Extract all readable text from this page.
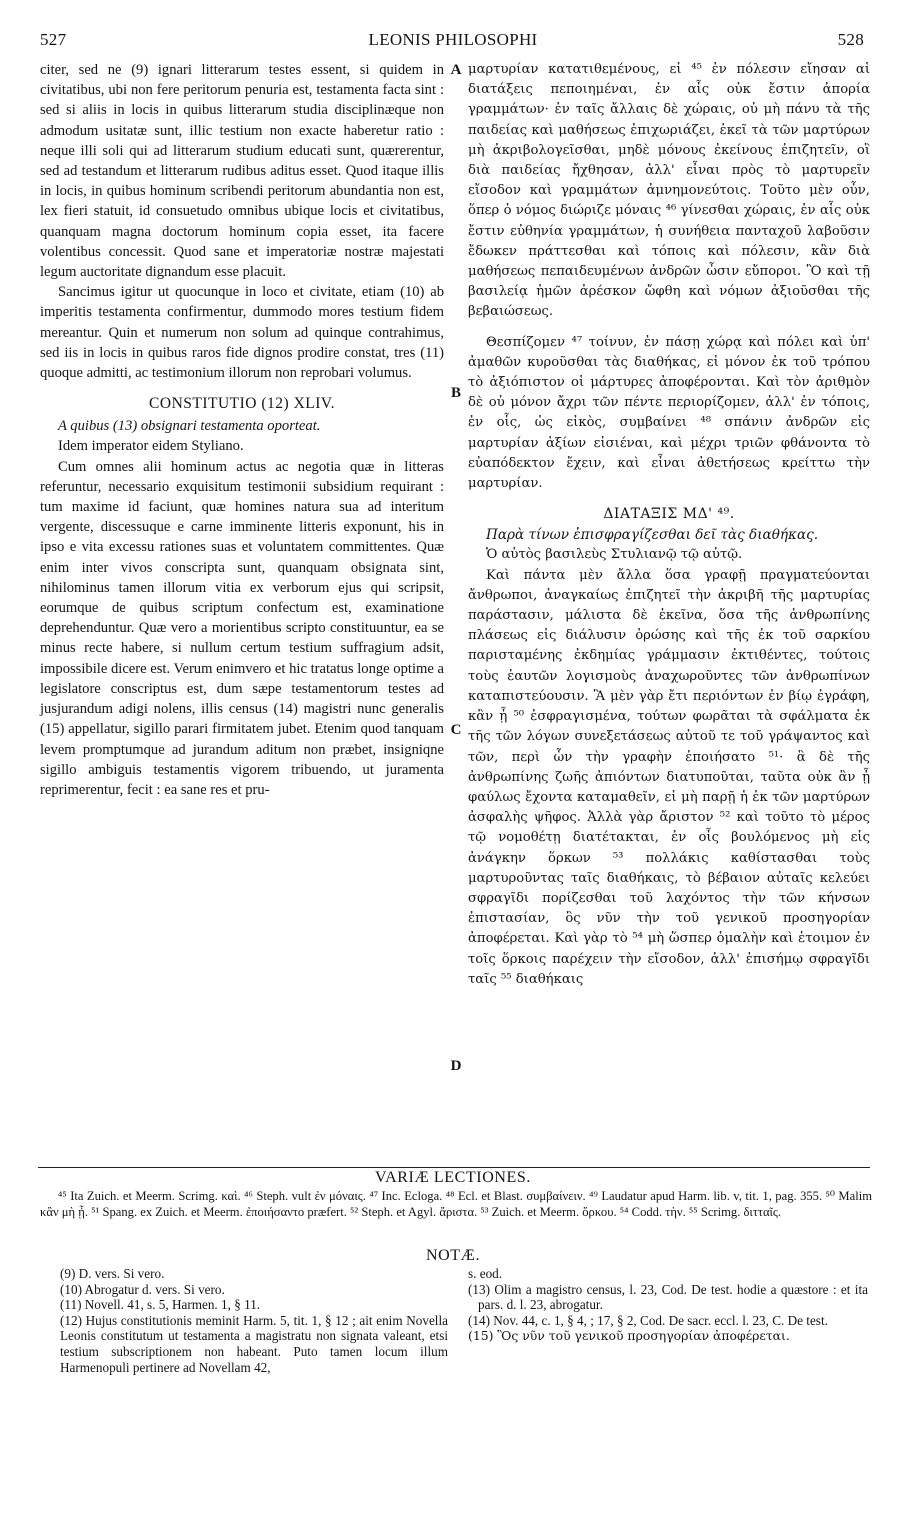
527	LEONIS PHILOSOPHI	528

citer, sed ne (9) ignari litterarum testes essent, si quidem in civitatibus, ubi non fere peritorum penuria est, testamenta facta sint : sed si aliis in locis in quibus litterarum studia disciplinæque non admodum usitatæ sunt, illic testium non exacte haberetur ratio : neque illi soli qui ad litterarum studium educati sunt, quærerentur, sed ad testandum et litterarum rudibus aditus esset. Quod itaque illis in locis, in quibus hominum scribendi peritorum abundantia non est, lex fieri statuit, id consuetudo omnibus ubique locis et civitatibus, quanquam magna doctorum hominum copia esset, ita facere volentibus concessit. Quod sane et imperatoriæ nostræ majestati legum auctoritate dignandum esse placuit.

Sancimus igitur ut quocunque in loco et civitate, etiam (10) ab imperitis testamenta confirmentur, dummodo mores testium fidem mereantur. Quin et numerum non solum ad quinque contrahimus, sed iis in locis in quibus raros fide dignos prodire constat, tres (11) quoque admitti, ac testimonium illorum non reprobari volumus.

CONSTITUTIO (12) XLIV.

A quibus (13) obsignari testamenta oporteat.

Idem imperator eidem Styliano.

Cum omnes alii hominum actus ac negotia quæ in litteras referuntur, necessario exquisitum testimonii subsidium requirant : tum maxime id faciunt, quæ homines natura sua ad interitum vergente, discessuque e carne imminente litteris exponunt, his in ipso e vita excessu rationes suas et voluntatem committentes. Quæ enim inter vivos conscripta sunt, quanquam obsignata sint, nihilominus tamen illorum vitia ex verborum ejus qui scripsit, eorumque de quibus scriptum confectum est, examinatione deprehenduntur. Quæ vero a morientibus scripto constituuntur, ea se minus recte habere, si nullum certum testium suffragium adsit, impossibile dicere est. Verum enimvero et hic tratatus longe optime a legislatore conscriptus est, dum sæpe testamentorum testes ad jusjurandum adigi nolens, illis census (14) magistri nunc generalis (15) appellatur, sigillo parari firmitatem jubet. Etenim quod tanquam levem promptumque ad jurandum aditum non præbet, insigniqne sigillo ambiguis testamentis vigorem tribuendo, ut juramenta reprimerentur, fecit : ea sane res et pru-

A
B
C
D

μαρτυρίαν κατατιθεμένους, εἰ ⁴⁵ ἐν πόλεσιν εἴησαν αἱ διατάξεις πεποιημέναι, ἐν αἷς οὐκ ἔστιν ἀπορία γραμμάτων· ἐν ταῖς ἄλλαις δὲ χώραις, οὐ μὴ πάνυ τὰ τῆς παιδείας καὶ μαθήσεως ἐπιχωριάζει, ἐκεῖ τὰ τῶν μαρτύρων μὴ ἀκριβολογεῖσθαι, μηδὲ μόνους ἐκείνους ἐπιζητεῖν, οἳ διὰ παιδείας ἤχθησαν, ἀλλ' εἶναι πρὸς τὸ μαρτυρεῖν εἴσοδον καὶ γραμμάτων ἀμνημονεύτοις. Τοῦτο μὲν οὖν, ὅπερ ὁ νόμος διώριζε μόναις ⁴⁶ γίνεσθαι χώραις, ἐν αἷς οὐκ ἔστιν εὐθηνία γραμμάτων, ἡ συνήθεια πανταχοῦ λαβοῦσιν ἔδωκεν πράττεσθαι καὶ τόποις καὶ πόλεσιν, κἂν διὰ μαθήσεως πεπαιδευμένων ἀνδρῶν ὦσιν εὔποροι. Ὃ καὶ τῇ βασιλείᾳ ἡμῶν ἀρέσκον ὤφθη καὶ νόμων ἀξιοῦσθαι τῆς βεβαιώσεως.

Θεσπίζομεν ⁴⁷ τοίνυν, ἐν πάσῃ χώρᾳ καὶ πόλει καὶ ὑπ' ἀμαθῶν κυροῦσθαι τὰς διαθήκας, εἰ μόνον ἐκ τοῦ τρόπου τὸ ἀξιόπιστον οἱ μάρτυρες ἀποφέρονται. Καὶ τὸν ἀριθμὸν δὲ οὐ μόνον ἄχρι τῶν πέντε περιορίζομεν, ἀλλ' ἐν τόποις, ἐν οἷς, ὡς εἰκὸς, συμβαίνει ⁴⁸ σπάνιν ἀνδρῶν εἰς μαρτυρίαν ἀξίων εἰσιέναι, καὶ μέχρι τριῶν φθάνοντα τὸ εὐαπόδεκτον ἔχειν, καὶ εἶναι ἀθετήσεως κρείττω τὴν μαρτυρίαν.

ΔΙΑΤΑΞΙΣ ΜΔ' ⁴⁹.

Παρὰ τίνων ἐπισφραγίζεσθαι δεῖ τὰς διαθήκας.

Ὁ αὐτὸς βασιλεὺς Στυλιανῷ τῷ αὐτῷ.

Καὶ πάντα μὲν ἄλλα ὅσα γραφῇ πραγματεύονται ἄνθρωποι, ἀναγκαίως ἐπιζητεῖ τὴν ἀκριβῆ τῆς μαρτυρίας παράστασιν, μάλιστα δὲ ἐκεῖνα, ὅσα τῆς ἀνθρωπίνης πλάσεως εἰς διάλυσιν ὁρώσης καὶ τῆς ἐκ τοῦ σαρκίου παρισταμένης ἐκδημίας γράμμασιν ἐκτιθέντες, τούτοις τοὺς ἑαυτῶν λογισμοὺς ἀναχωροῦντες τῶν ἀνθρωπίνων καταπιστεύουσιν. Ἃ μὲν γὰρ ἔτι περιόντων ἐν βίῳ ἐγράφη, κἂν ᾖ ⁵⁰ ἐσφραγισμένα, τούτων φωρᾶται τὰ σφάλματα ἐκ τῆς τῶν λόγων συνεξετάσεως αὐτοῦ τε τοῦ γράψαντος καὶ τῶν, περὶ ὧν τὴν γραφὴν ἐποιήσατο ⁵¹· ἃ δὲ τῆς ἀνθρωπίνης ζωῆς ἀπιόντων διατυποῦται, ταῦτα οὐκ ἂν ᾖ φαύλως ἔχοντα καταμαθεῖν, εἰ μὴ παρῇ ἡ ἐκ τῶν μαρτύρων ἀσφαλὴς ψῆφος. Ἀλλὰ γὰρ ἄριστον ⁵² καὶ τοῦτο τὸ μέρος τῷ νομοθέτῃ διατέτακται, ἐν οἷς βουλόμενος μὴ εἰς ἀνάγκην ὅρκων ⁵³ πολλάκις καθίστασθαι τοὺς μαρτυροῦντας ταῖς διαθήκαις, τὸ βέβαιον αὐταῖς κελεύει σφραγῖδι πορίζεσθαι τοῦ λαχόντος τὴν τῶν κήνσων ἐπιστασίαν, ὃς νῦν τὴν τοῦ γενικοῦ προσηγορίαν ἀποφέρεται. Καὶ γὰρ τὸ ⁵⁴ μὴ ὥσπερ ὁμαλὴν καὶ ἑτοιμον ἐν τοῖς ὅρκοις παρέχειν τὴν εἴσοδον, ἀλλ' ἐπισήμῳ σφραγῖδι ταῖς ⁵⁵ διαθήκαις

VARIÆ LECTIONES.

⁴⁵ Ita Zuich. et Meerm. Scrimg. καὶ. ⁴⁶ Steph. vult ἐν μόναις. ⁴⁷ Inc. Ecloga. ⁴⁸ Ecl. et Blast. συμβαίνειν. ⁴⁹ Laudatur apud Harm. lib. v, tit. 1, pag. 355. ⁵⁰ Malim κἂν μὴ ᾖ. ⁵¹ Spang. ex Zuich. et Meerm. ἐποιήσαντο præfert. ⁵² Steph. et Agyl. ἄριστα. ⁵³ Zuich. et Meerm. ὅρκου. ⁵⁴ Codd. τὴν. ⁵⁵ Scrimg. διτταῖς.

NOTÆ.
(9) D. vers. Si vero.
(10) Abrogatur d. vers. Si vero.
(11) Novell. 41, s. 5, Harmen. 1, § 11.
(12) Hujus constitutionis meminit Harm. 5, tit. 1, § 12 ; ait enim Novella Leonis constitutum ut testamenta a magistratu non signata valeant, etsi testium subscriptionem non habeant. Puto tamen locum illum Harmenopuli pertinere ad Novellam 42,
s. eod.
(13) Olim a magistro census, l. 23, Cod. De test. hodie a quæstore : et ita pars. d. l. 23, abrogatur.
(14) Nov. 44, c. 1, § 4, ; 17, § 2, Cod. De sacr. eccl. l. 23, C. De test.
(15) Ὃς νῦν τοῦ γενικοῦ προσηγορίαν ἀποφέρεται.
